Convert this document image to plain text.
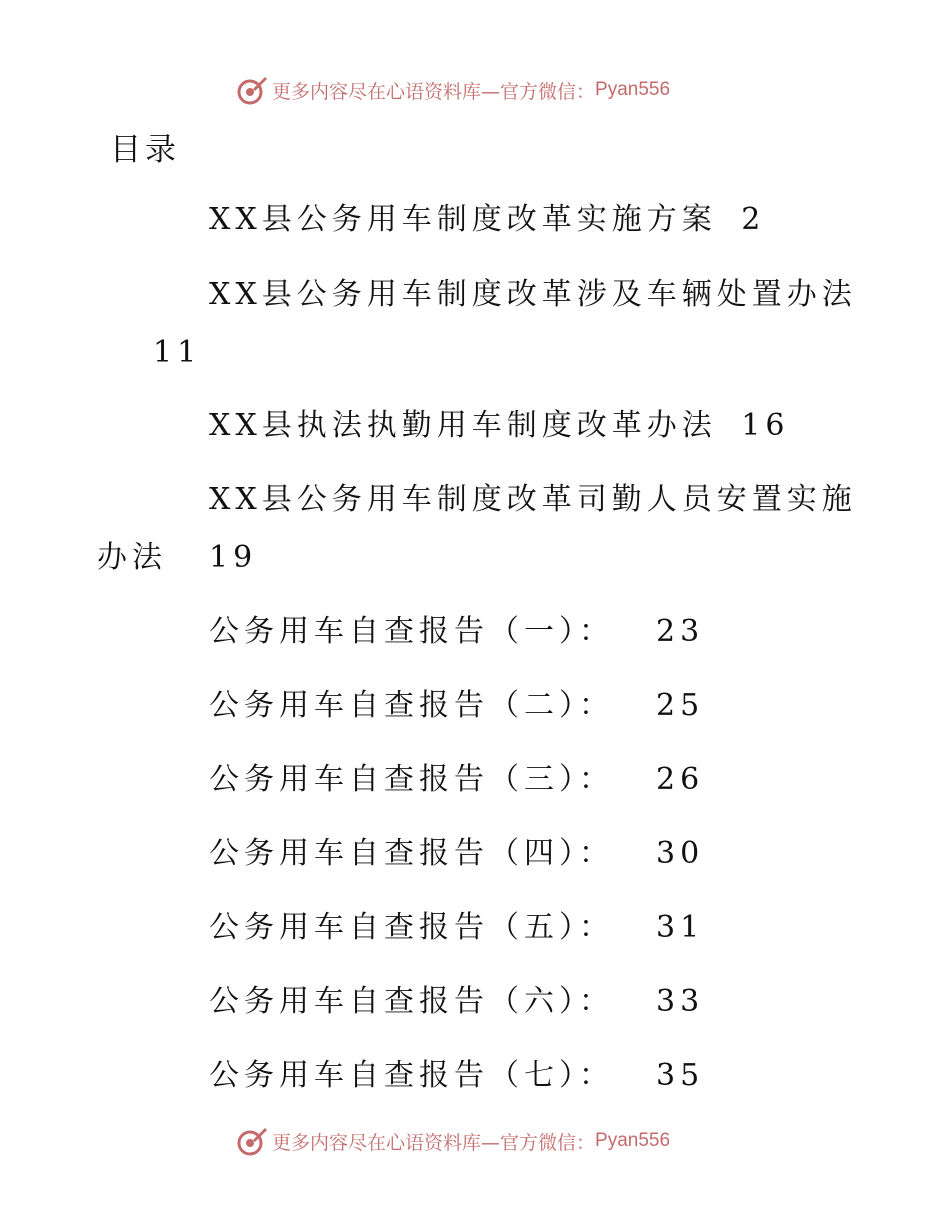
更多内容尽在心语资料库—官方微信： Pyan556
目录
XX县公务用车制度改革实施方案 2
XX县公务用车制度改革涉及车辆处置办法
11
XX县执法执勤用车制度改革办法 16
XX县公务用车制度改革司勤人员安置实施
办法 19
公务用车自查报告（一）： 23
公务用车自查报告（二）： 25
公务用车自查报告（三）： 26
公务用车自查报告（四）： 30
公务用车自查报告（五）： 31
公务用车自查报告（六）： 33
公务用车自查报告（七）： 35
更多内容尽在心语资料库—官方微信： Pyan556
